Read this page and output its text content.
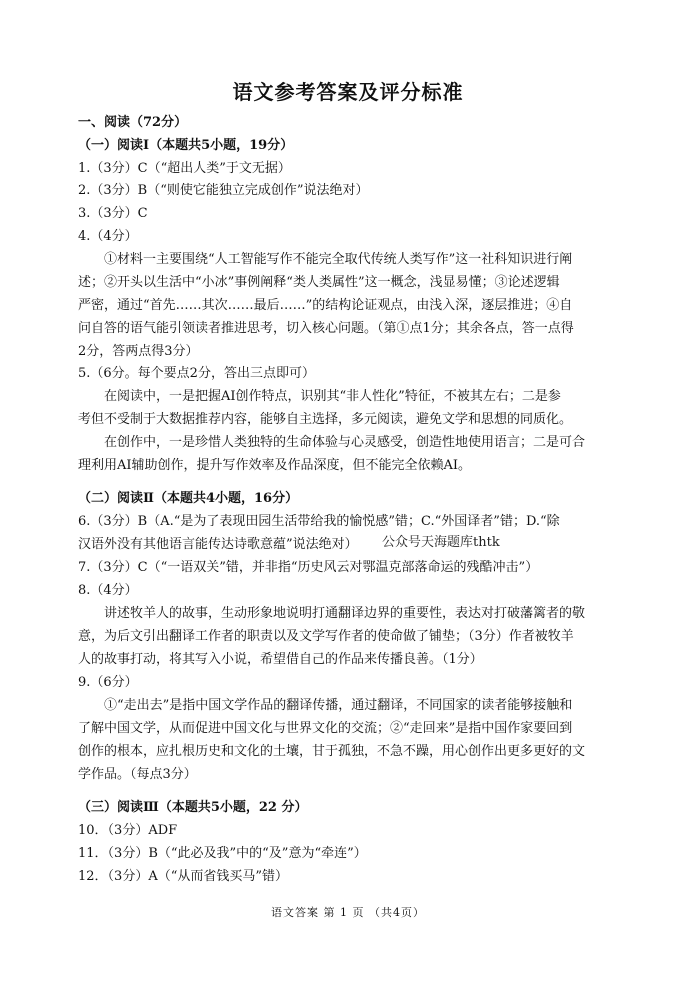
语文参考答案及评分标准
一、阅读（72分）
（一）阅读Ⅰ（本题共5小题，19分）
1.（3分）C（“超出人类”于文无据）
2.（3分）B（“则使它能独立完成创作”说法绝对）
3.（3分）C
4.（4分）
①材料一主要围绕“人工智能写作不能完全取代传统人类写作”这一社科知识进行阐
述；②开头以生活中“小冰”事例阐释“类人类属性”这一概念，浅显易懂；③论述逻辑
严密，通过“首先……其次……最后……”的结构论证观点，由浅入深，逐层推进；④自
问自答的语气能引领读者推进思考，切入核心问题。（第①点1分；其余各点，答一点得
2分，答两点得3分）
5.（6分。每个要点2分，答出三点即可）
在阅读中，一是把握AI创作特点，识别其“非人性化”特征，不被其左右；二是参
考但不受制于大数据推荐内容，能够自主选择，多元阅读，避免文学和思想的同质化。
在创作中，一是珍惜人类独特的生命体验与心灵感受，创造性地使用语言；二是可合
理利用AI辅助创作，提升写作效率及作品深度，但不能完全依赖AI。
（二）阅读Ⅱ（本题共4小题，16分）
6.（3分）B（A.“是为了表现田园生活带给我的愉悦感”错；C.“外国译者”错；D.“除
汉语外没有其他语言能传达诗歌意蕴”说法绝对）	公众号天海题库thtk
7.（3分）C（“一语双关”错，并非指“历史风云对鄂温克部落命运的残酷冲击”）
8.（4分）
讲述牧羊人的故事，生动形象地说明打通翻译边界的重要性，表达对打破藩篱者的敬
意，为后文引出翻译工作者的职责以及文学写作者的使命做了铺垫；（3分）作者被牧羊
人的故事打动，将其写入小说，希望借自己的作品来传播良善。（1分）
9.（6分）
①“走出去”是指中国文学作品的翻译传播，通过翻译，不同国家的读者能够接触和
了解中国文学，从而促进中国文化与世界文化的交流；②“走回来”是指中国作家要回到
创作的根本，应扎根历史和文化的土壤，甘于孤独，不急不躁，用心创作出更多更好的文
学作品。（每点3分）
（三）阅读Ⅲ（本题共5小题，22 分）
10．（3分）ADF
11．（3分）B（“此必及我”中的“及”意为“牵连”）
12．（3分）A（“从而省钱买马”错）
语文答案 第 1 页 （共4页）
